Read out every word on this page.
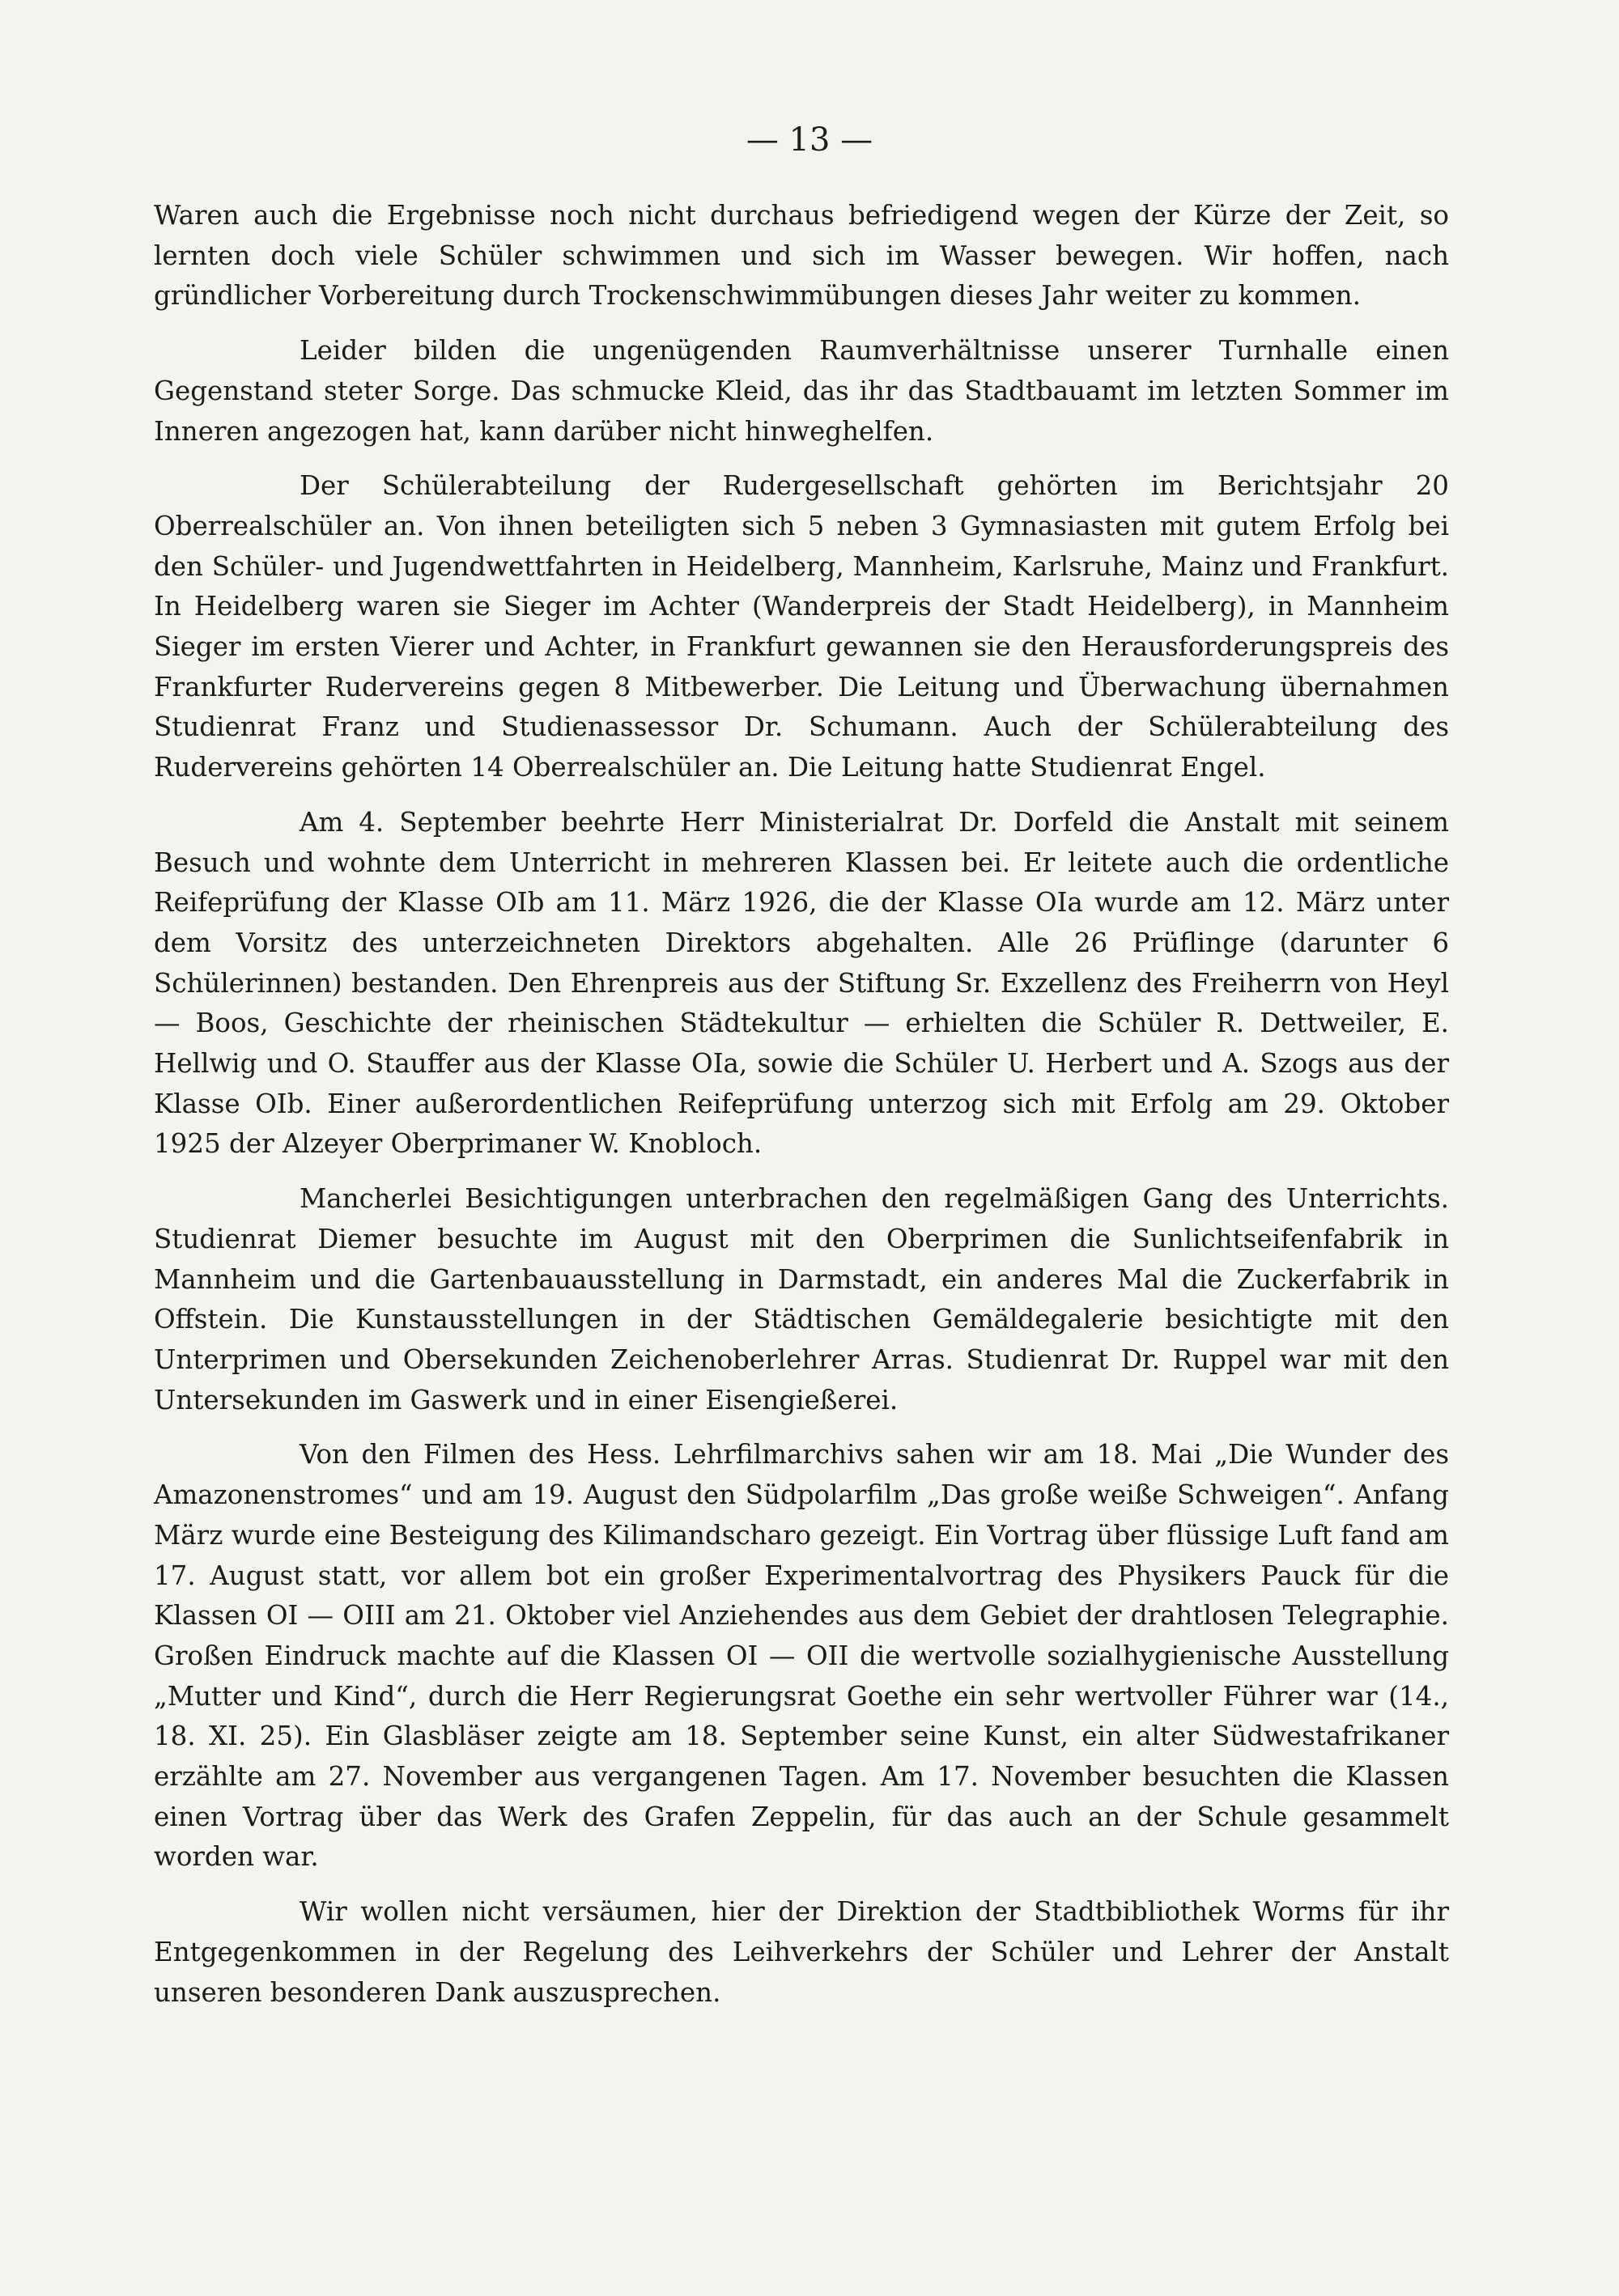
— 13 —

Waren auch die Ergebnisse noch nicht durchaus befriedigend wegen der Kürze der Zeit, so lernten doch viele Schüler schwimmen und sich im Wasser bewegen. Wir hoffen, nach gründlicher Vorbereitung durch Trockenschwimmübungen dieses Jahr weiter zu kommen.

Leider bilden die ungenügenden Raumverhältnisse unserer Turnhalle einen Gegenstand steter Sorge. Das schmucke Kleid, das ihr das Stadtbauamt im letzten Sommer im Inneren angezogen hat, kann darüber nicht hinweghelfen.

Der Schülerabteilung der Rudergesellschaft gehörten im Berichtsjahr 20 Oberrealschüler an. Von ihnen beteiligten sich 5 neben 3 Gymnasiasten mit gutem Erfolg bei den Schüler- und Jugendwettfahrten in Heidelberg, Mannheim, Karlsruhe, Mainz und Frankfurt. In Heidelberg waren sie Sieger im Achter (Wanderpreis der Stadt Heidelberg), in Mannheim Sieger im ersten Vierer und Achter, in Frankfurt gewannen sie den Herausforderungspreis des Frankfurter Rudervereins gegen 8 Mitbewerber. Die Leitung und Überwachung übernahmen Studienrat Franz und Studienassessor Dr. Schumann. Auch der Schülerabteilung des Rudervereins gehörten 14 Oberrealschüler an. Die Leitung hatte Studienrat Engel.

Am 4. September beehrte Herr Ministerialrat Dr. Dorfeld die Anstalt mit seinem Besuch und wohnte dem Unterricht in mehreren Klassen bei. Er leitete auch die ordentliche Reifeprüfung der Klasse OIb am 11. März 1926, die der Klasse OIa wurde am 12. März unter dem Vorsitz des unterzeichneten Direktors abgehalten. Alle 26 Prüflinge (darunter 6 Schülerinnen) bestanden. Den Ehrenpreis aus der Stiftung Sr. Exzellenz des Freiherrn von Heyl — Boos, Geschichte der rheinischen Städtekultur — erhielten die Schüler R. Dettweiler, E. Hellwig und O. Stauffer aus der Klasse OIa, sowie die Schüler U. Herbert und A. Szogs aus der Klasse OIb. Einer außerordentlichen Reifeprüfung unterzog sich mit Erfolg am 29. Oktober 1925 der Alzeyer Oberprimaner W. Knobloch.

Mancherlei Besichtigungen unterbrachen den regelmäßigen Gang des Unterrichts. Studienrat Diemer besuchte im August mit den Oberprimen die Sunlichtseifenfabrik in Mannheim und die Gartenbauausstellung in Darmstadt, ein anderes Mal die Zuckerfabrik in Offstein. Die Kunstausstellungen in der Städtischen Gemäldegalerie besichtigte mit den Unterprimen und Obersekunden Zeichenoberlehrer Arras. Studienrat Dr. Ruppel war mit den Untersekunden im Gaswerk und in einer Eisengießerei.

Von den Filmen des Hess. Lehrfilmarchivs sahen wir am 18. Mai „Die Wunder des Amazonenstromes“ und am 19. August den Südpolarfilm „Das große weiße Schweigen“. Anfang März wurde eine Besteigung des Kilimandscharo gezeigt. Ein Vortrag über flüssige Luft fand am 17. August statt, vor allem bot ein großer Experimentalvortrag des Physikers Pauck für die Klassen OI — OIII am 21. Oktober viel Anziehendes aus dem Gebiet der drahtlosen Telegraphie. Großen Eindruck machte auf die Klassen OI — OII die wertvolle sozialhygienische Ausstellung „Mutter und Kind“, durch die Herr Regierungsrat Goethe ein sehr wertvoller Führer war (14., 18. XI. 25). Ein Glasbläser zeigte am 18. September seine Kunst, ein alter Südwestafrikaner erzählte am 27. November aus vergangenen Tagen. Am 17. November besuchten die Klassen einen Vortrag über das Werk des Grafen Zeppelin, für das auch an der Schule gesammelt worden war.

Wir wollen nicht versäumen, hier der Direktion der Stadtbibliothek Worms für ihr Entgegenkommen in der Regelung des Leihverkehrs der Schüler und Lehrer der Anstalt unseren besonderen Dank auszusprechen.
